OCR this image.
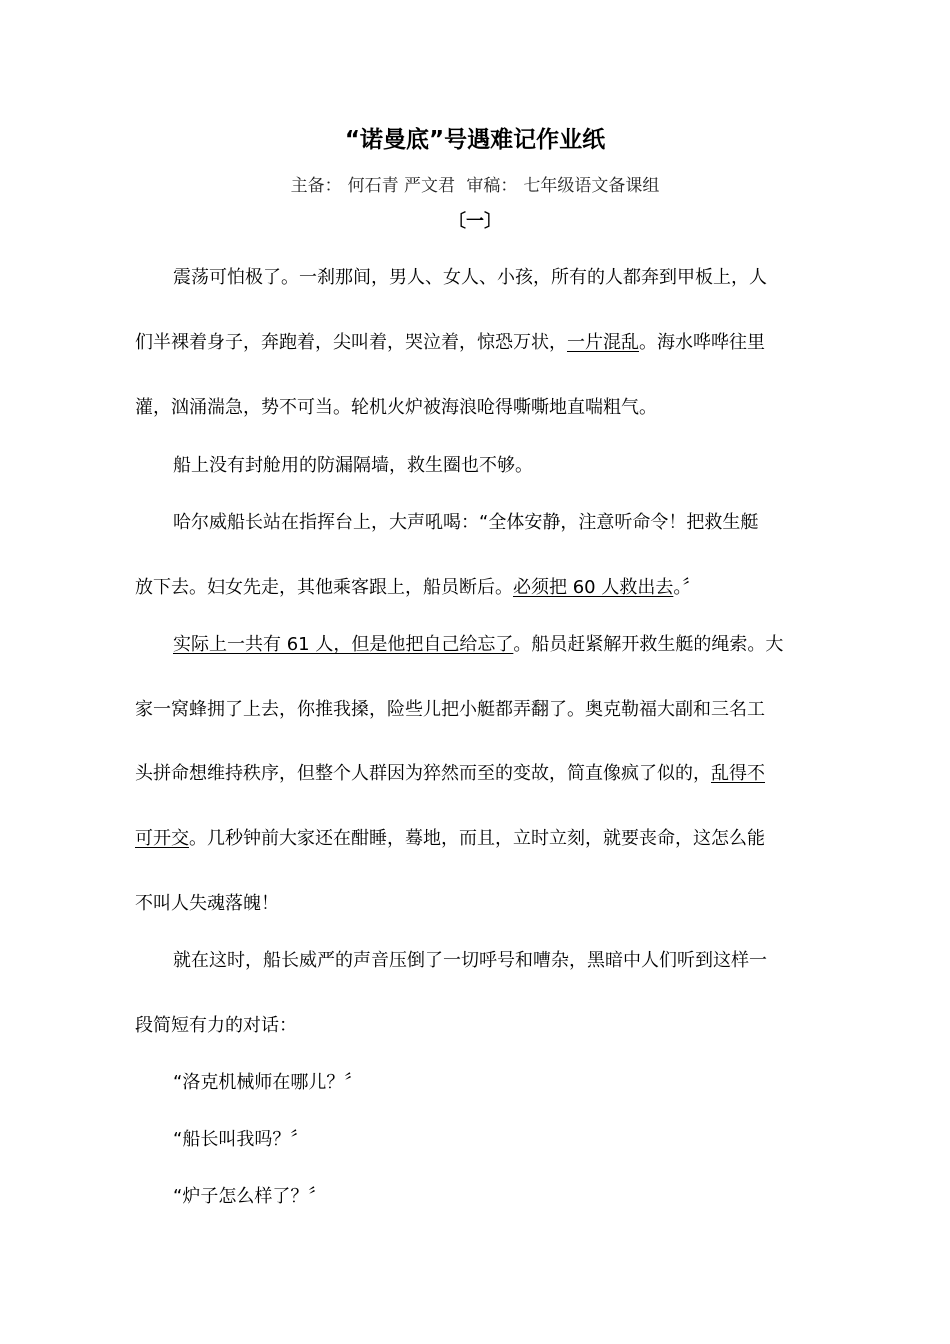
“诺曼底”号遇难记作业纸
主备： 何石青 严文君 审稿： 七年级语文备课组
〔一〕
震荡可怕极了。一刹那间，男人、女人、小孩，所有的人都奔到甲板上，人
们半裸着身子，奔跑着，尖叫着，哭泣着，惊恐万状，一片混乱。海水哗哗往里
灌，汹涌湍急，势不可当。轮机火炉被海浪呛得嘶嘶地直喘粗气。
船上没有封舱用的防漏隔墙，救生圈也不够。
哈尔威船长站在指挥台上，大声吼喝：“全体安静，注意听命令！把救生艇
放下去。妇女先走，其他乘客跟上，船员断后。必须把 60 人救出去。〞
实际上一共有 61 人，但是他把自己给忘了。船员赶紧解开救生艇的绳索。大
家一窝蜂拥了上去，你推我搡，险些儿把小艇都弄翻了。奥克勒福大副和三名工
头拼命想维持秩序，但整个人群因为猝然而至的变故，简直像疯了似的，乱得不
可开交。几秒钟前大家还在酣睡，蓦地，而且，立时立刻，就要丧命，这怎么能
不叫人失魂落魄！
就在这时，船长威严的声音压倒了一切呼号和嘈杂，黑暗中人们听到这样一
段简短有力的对话：
“洛克机械师在哪儿？〞
“船长叫我吗？〞
“炉子怎么样了？〞
